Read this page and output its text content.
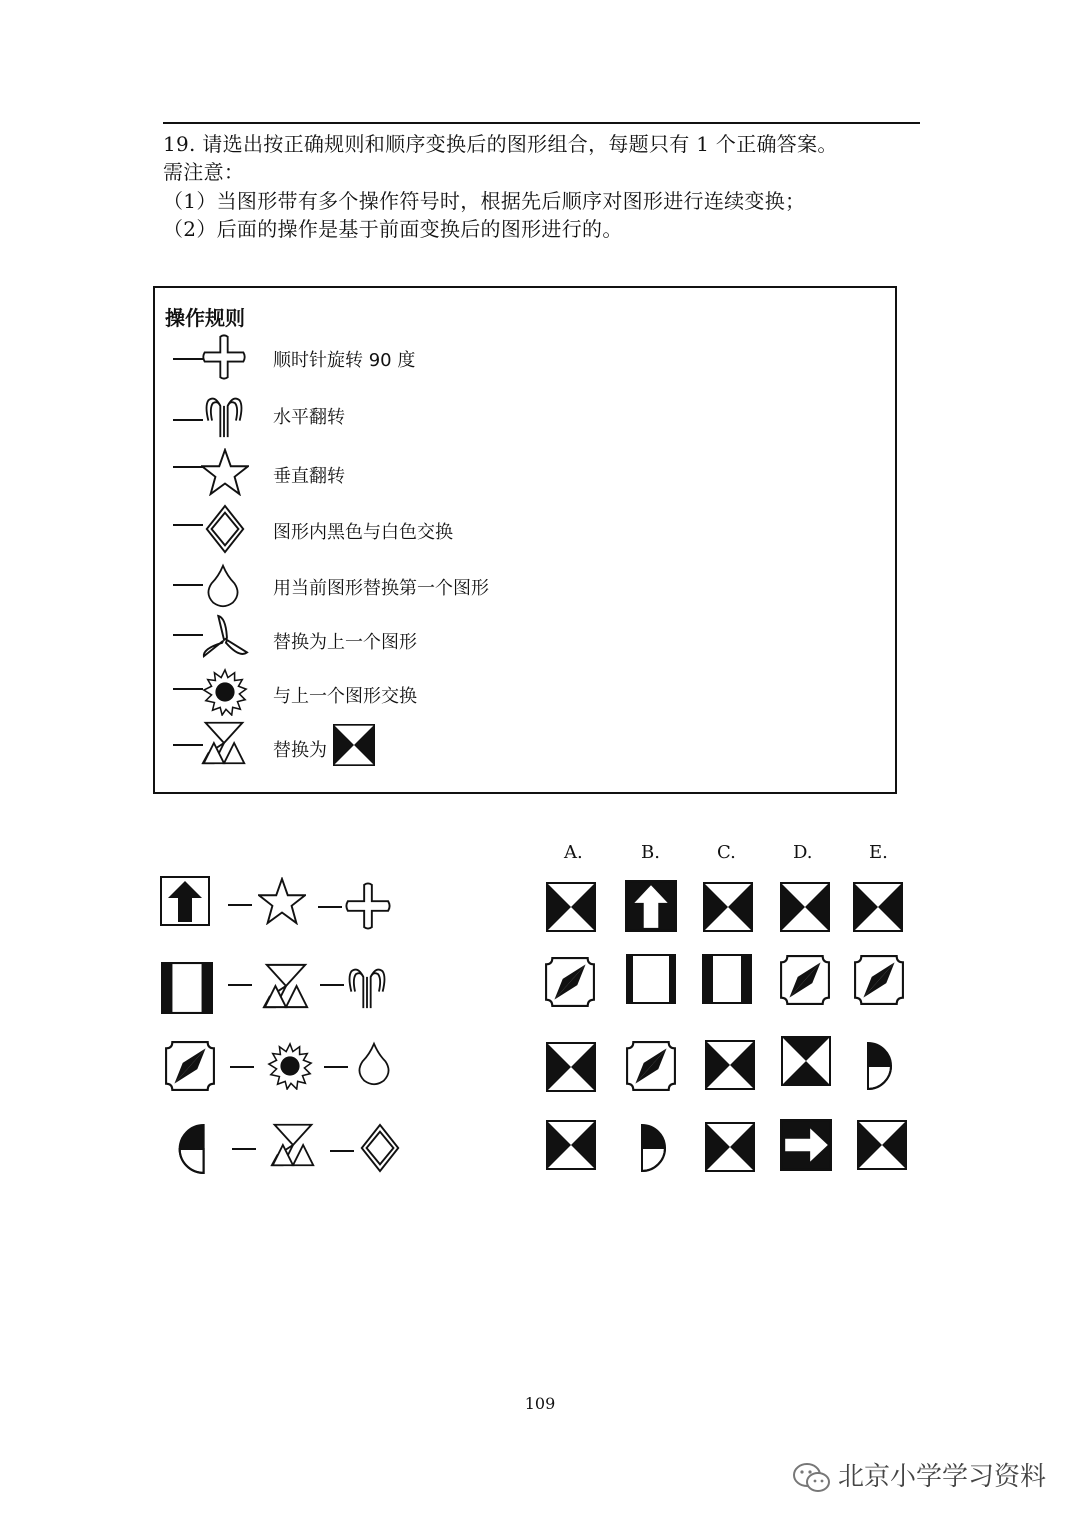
19. 请选出按正确规则和顺序变换后的图形组合，每题只有 1 个正确答案。
需注意：
（1）当图形带有多个操作符号时，根据先后顺序对图形进行连续变换；
（2）后面的操作是基于前面变换后的图形进行的。
操作规则
顺时针旋转 90 度
水平翻转
垂直翻转
图形内黑色与白色交换
用当前图形替换第一个图形
替换为上一个图形
与上一个图形交换
替换为
A.	B.	C.	D.	E.
109
北京小学学习资料
